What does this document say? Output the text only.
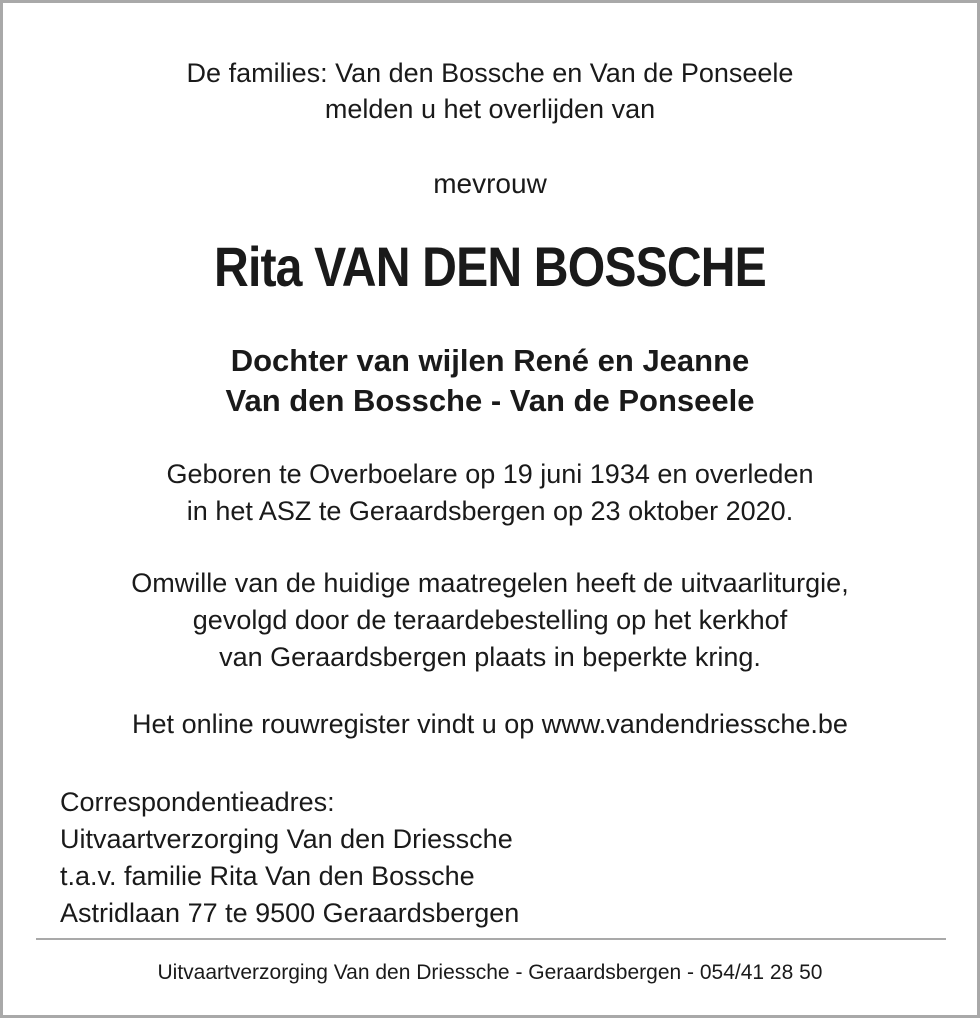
De families: Van den Bossche en Van de Ponseele
melden u het overlijden van
mevrouw
Rita VAN DEN BOSSCHE
Dochter van wijlen René en Jeanne
Van den Bossche - Van de Ponseele
Geboren te Overboelare op 19 juni 1934 en overleden
in het ASZ te Geraardsbergen op 23 oktober 2020.
Omwille van de huidige maatregelen heeft de uitvaarliturgie,
gevolgd door de teraardebestelling op het kerkhof
van Geraardsbergen plaats in beperkte kring.
Het online rouwregister vindt u op www.vandendriessche.be
Correspondentieadres:
Uitvaartverzorging Van den Driessche
t.a.v. familie Rita Van den Bossche
Astridlaan 77 te 9500 Geraardsbergen
Uitvaartverzorging Van den Driessche - Geraardsbergen - 054/41 28 50
